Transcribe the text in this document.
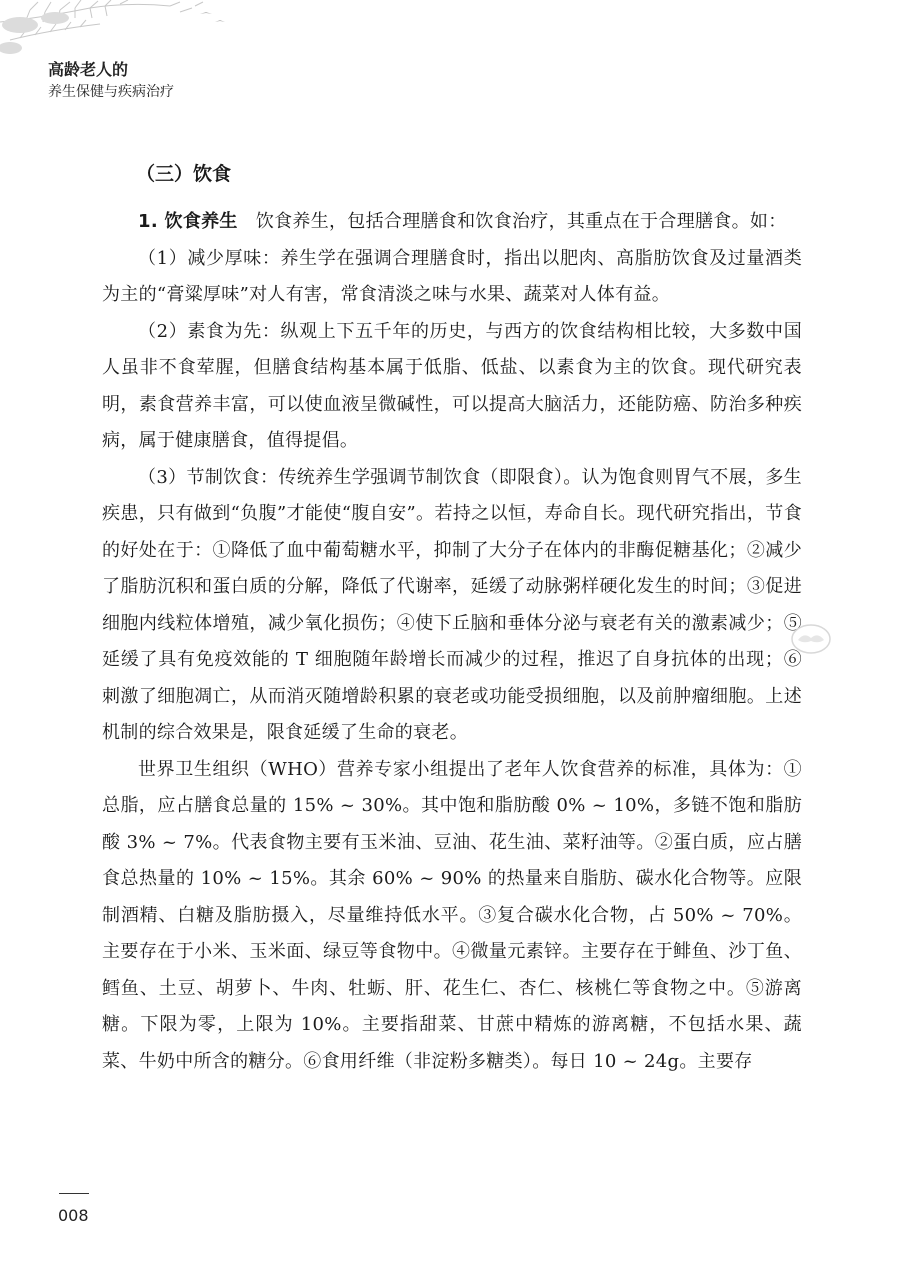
高龄老人的
养生保健与疾病治疗
（三）饮食

1. 饮食养生 饮食养生，包括合理膳食和饮食治疗，其重点在于合理膳食。如：

（1）减少厚味：养生学在强调合理膳食时，指出以肥肉、高脂肪饮食及过量酒类为主的“膏粱厚味”对人有害，常食清淡之味与水果、蔬菜对人体有益。

（2）素食为先：纵观上下五千年的历史，与西方的饮食结构相比较，大多数中国人虽非不食荤腥，但膳食结构基本属于低脂、低盐、以素食为主的饮食。现代研究表明，素食营养丰富，可以使血液呈微碱性，可以提高大脑活力，还能防癌、防治多种疾病，属于健康膳食，值得提倡。

（3）节制饮食：传统养生学强调节制饮食（即限食）。认为饱食则胃气不展，多生疾患，只有做到“负腹”才能使“腹自安”。若持之以恒，寿命自长。现代研究指出，节食的好处在于：①降低了血中葡萄糖水平，抑制了大分子在体内的非酶促糖基化；②减少了脂肪沉积和蛋白质的分解，降低了代谢率，延缓了动脉粥样硬化发生的时间；③促进细胞内线粒体增殖，减少氧化损伤；④使下丘脑和垂体分泌与衰老有关的激素减少；⑤延缓了具有免疫效能的 T 细胞随年龄增长而减少的过程，推迟了自身抗体的出现；⑥刺激了细胞凋亡，从而消灭随增龄积累的衰老或功能受损细胞，以及前肿瘤细胞。上述机制的综合效果是，限食延缓了生命的衰老。

世界卫生组织（WHO）营养专家小组提出了老年人饮食营养的标准，具体为：①总脂，应占膳食总量的 15% ~ 30%。其中饱和脂肪酸 0% ~ 10%，多链不饱和脂肪酸 3% ~ 7%。代表食物主要有玉米油、豆油、花生油、菜籽油等。②蛋白质，应占膳食总热量的 10% ~ 15%。其余 60% ~ 90% 的热量来自脂肪、碳水化合物等。应限制酒精、白糖及脂肪摄入，尽量维持低水平。③复合碳水化合物，占 50% ~ 70%。主要存在于小米、玉米面、绿豆等食物中。④微量元素锌。主要存在于鲱鱼、沙丁鱼、鳕鱼、土豆、胡萝卜、牛肉、牡蛎、肝、花生仁、杏仁、核桃仁等食物之中。⑤游离糖。下限为零，上限为 10%。主要指甜菜、甘蔗中精炼的游离糖，不包括水果、蔬菜、牛奶中所含的糖分。⑥食用纤维（非淀粉多糖类）。每日 10 ~ 24g。主要存

008
